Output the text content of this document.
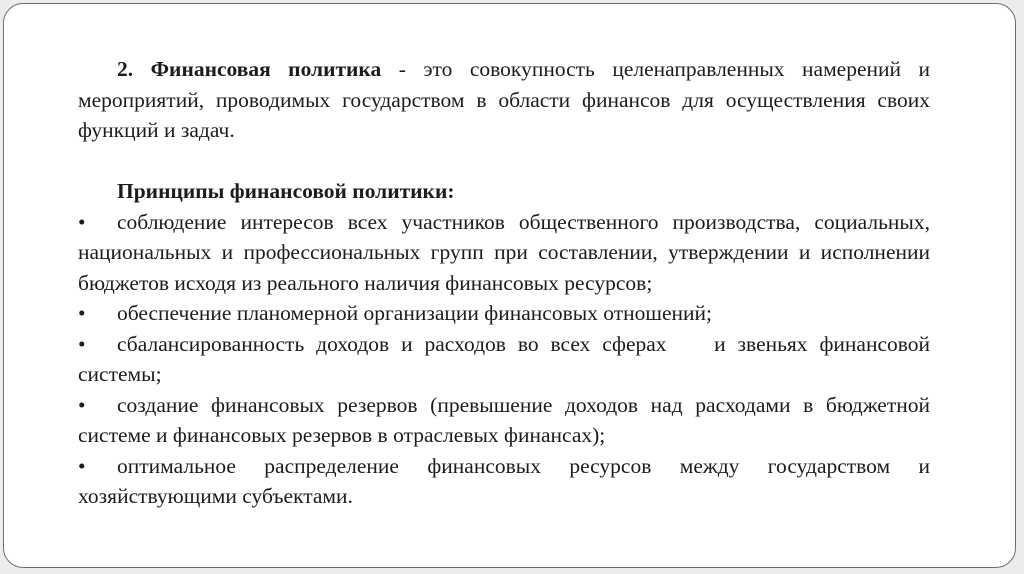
2. Финансовая политика - это совокупность целенаправленных намерений и мероприятий, проводимых государством в области финансов для осуществления своих функций и задач.

Принципы финансовой политики:

• соблюдение интересов всех участников общественного производства, социальных, национальных и профессиональных групп при составлении, утверждении и исполнении бюджетов исходя из реального наличия финансовых ресурсов;
• обеспечение планомерной организации финансовых отношений;
• сбалансированность доходов и расходов во всех сферах    и звеньях финансовой системы;
• создание финансовых резервов (превышение доходов над расходами в бюджетной системе и финансовых резервов в отраслевых финансах);
• оптимальное распределение финансовых ресурсов между государством и хозяйствующими субъектами.
